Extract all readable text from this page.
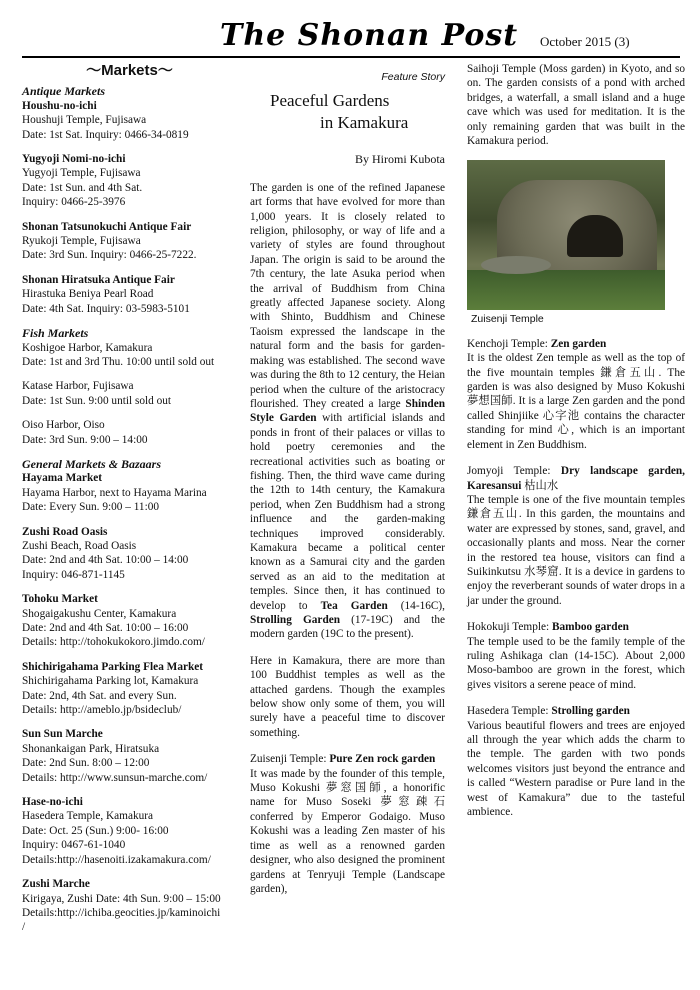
The Shonan Post October 2015 (3)
～Markets～
Antique Markets
Houshu-no-ichi
Houshuji Temple, Fujisawa
Date: 1st Sat. Inquiry: 0466-34-0819
Yugyoji Nomi-no-ichi
Yugyoji Temple, Fujisawa
Date: 1st Sun. and 4th Sat.
Inquiry: 0466-25-3976
Shonan Tatsunokuchi Antique Fair
Ryukoji Temple, Fujisawa
Date: 3rd Sun. Inquiry: 0466-25-7222.
Shonan Hiratsuka Antique Fair
Hirastuka Beniya Pearl Road
Date: 4th Sat. Inquiry: 03-5983-5101
Fish Markets
Koshigoe Harbor, Kamakura
Date: 1st and 3rd Thu. 10:00 until sold out
Katase Harbor, Fujisawa
Date: 1st Sun. 9:00 until sold out
Oiso Harbor, Oiso
Date: 3rd Sun. 9:00 – 14:00
General Markets & Bazaars
Hayama Market
Hayama Harbor, next to Hayama Marina
Date: Every Sun. 9:00 – 11:00
Zushi Road Oasis
Zushi Beach, Road Oasis
Date: 2nd and 4th Sat. 10:00 – 14:00
Inquiry: 046-871-1145
Tohoku Market
Shogaigakushu Center, Kamakura
Date: 2nd and 4th Sat. 10:00 – 16:00
Details: http://tohokukokoro.jimdo.com/
Shichirigahama Parking Flea Market
Shichirigahama Parking lot, Kamakura
Date: 2nd, 4th Sat. and every Sun.
Details: http://ameblo.jp/bsideclub/
Sun Sun Marche
Shonankaigan Park, Hiratsuka
Date: 2nd Sun. 8:00 – 12:00
Details: http://www.sunsun-marche.com/
Hase-no-ichi
Hasedera Temple, Kamakura
Date: Oct. 25 (Sun.) 9:00- 16:00
Inquiry: 0467-61-1040
Details:http://hasenoiti.izakamakura.com/
Zushi Marche
Kirigaya, Zushi Date: 4th Sun. 9:00 – 15:00
Details:http://ichiba.geocities.jp/kaminoichi
/
Feature Story
Peaceful Gardens
in Kamakura
By Hiromi Kubota

The garden is one of the refined Japanese art forms that have evolved for more than 1,000 years. It is closely related to religion, philosophy, or way of life and a variety of styles are found throughout Japan. The origin is said to be around the 7th century, the late Asuka period when the arrival of Buddhism from China greatly affected Japanese society. Along with Shinto, Buddhism and Chinese Taoism expressed the landscape in the natural form and the basis for garden-making was established. The second wave was during the 8th to 12 century, the Heian period when the culture of the aristocracy flourished. They created a large Shinden Style Garden with artificial islands and ponds in front of their palaces or villas to hold poetry ceremonies and the recreational activities such as boating or fishing. Then, the third wave came during the 12th to 14th century, the Kamakura period, when Zen Buddhism had a strong influence and the garden-making techniques improved considerably. Kamakura became a political center known as a Samurai city and the garden served as an aid to the meditation at temples. Since then, it has continued to develop to Tea Garden (14-16C), Strolling Garden (17-19C) and the modern garden (19C to the present).

Here in Kamakura, there are more than 100 Buddhist temples as well as the attached gardens. Though the examples below show only some of them, you will surely have a peaceful time to discover something.

Zuisenji Temple: Pure Zen rock garden
It was made by the founder of this temple, Muso Kokushi 夢窓国師, a honorific name for Muso Soseki 夢窓疎石 conferred by Emperor Godaigo. Muso Kokushi was a leading Zen master of his time as well as a renowned garden designer, who also designed the prominent gardens at Tenryuji Temple (Landscape garden),

Saihoji Temple (Moss garden) in Kyoto, and so on. The garden consists of a pond with arched bridges, a waterfall, a small island and a huge cave which was used for meditation. It is the only remaining garden that was built in the Kamakura period.

Zuisenji Temple

Kenchoji Temple: Zen garden
It is the oldest Zen temple as well as the top of the five mountain temples 鎌倉五山. The garden is was also designed by Muso Kokushi 夢想国師. It is a large Zen garden and the pond called Shinjiike 心字池 contains the character standing for mind 心, which is an important element in Zen Buddhism.

Jomyoji Temple: Dry landscape garden, Karesansui 枯山水
The temple is one of the five mountain temples 鎌倉五山. In this garden, the mountains and water are expressed by stones, sand, gravel, and occasionally plants and moss. Near the corner in the restored tea house, visitors can find a Suikinkutsu 水琴窟. It is a device in gardens to enjoy the reverberant sounds of water drops in a jar under the ground.

Hokokuji Temple: Bamboo garden
The temple used to be the family temple of the ruling Ashikaga clan (14-15C). About 2,000 Moso-bamboo are grown in the forest, which gives visitors a serene peace of mind.

Hasedera Temple: Strolling garden
Various beautiful flowers and trees are enjoyed all through the year which adds the charm to the temple. The garden with two ponds welcomes visitors just beyond the entrance and is called “Western paradise or Pure land in the west of Kamakura” due to the tasteful ambience.
